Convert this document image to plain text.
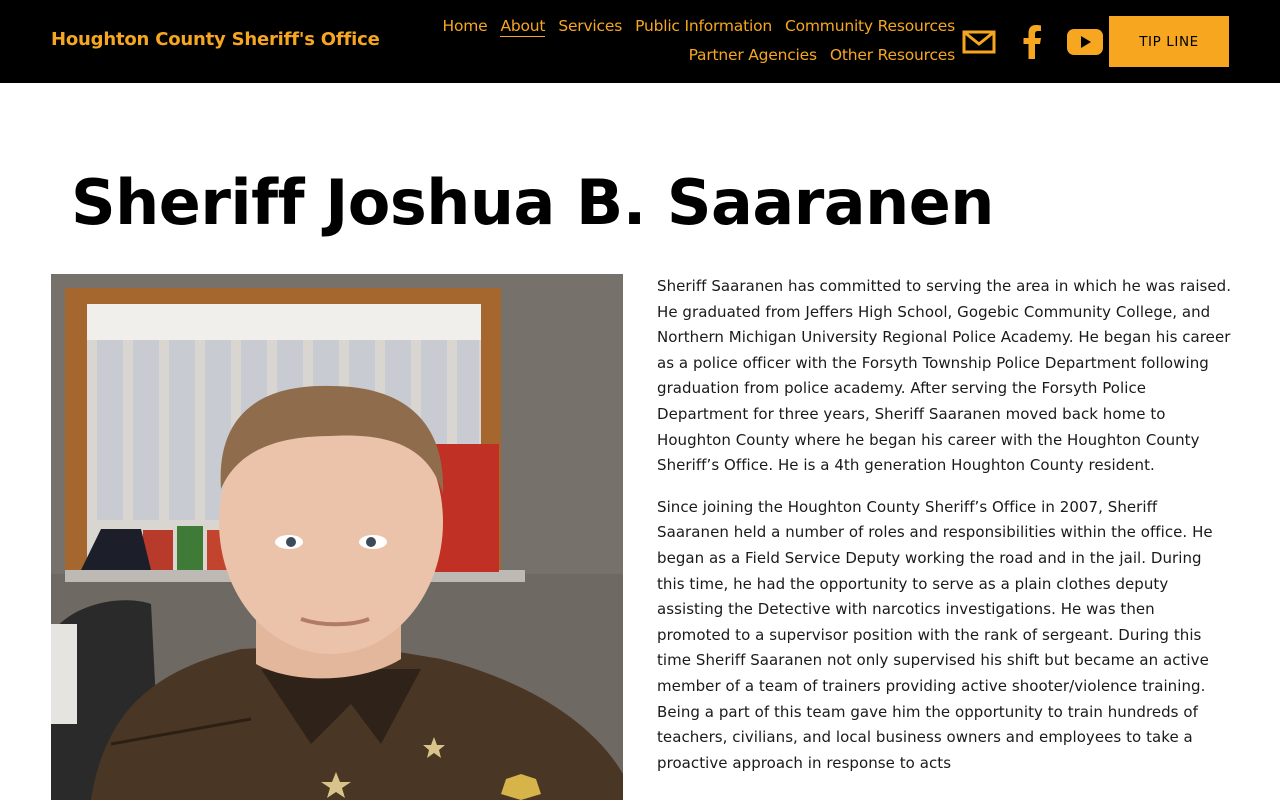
Houghton County Sheriff's Office
Home About Services Public Information Community Resources
Partner Agencies Other Resources
TIP LINE
Sheriff Joshua B. Saaranen

Sheriff Saaranen has committed to serving the area in which he was raised. He graduated from Jeffers High School, Gogebic Community College, and Northern Michigan University Regional Police Academy. He began his career as a police officer with the Forsyth Township Police Department following graduation from police academy. After serving the Forsyth Police Department for three years, Sheriff Saaranen moved back home to Houghton County where he began his career with the Houghton County Sheriff’s Office. He is a 4th generation Houghton County resident.

Since joining the Houghton County Sheriff’s Office in 2007, Sheriff Saaranen held a number of roles and responsibilities within the office. He began as a Field Service Deputy working the road and in the jail. During this time, he had the opportunity to serve as a plain clothes deputy assisting the Detective with narcotics investigations. He was then promoted to a supervisor position with the rank of sergeant. During this time Sheriff Saaranen not only supervised his shift but became an active member of a team of trainers providing active shooter/violence training. Being a part of this team gave him the opportunity to train hundreds of teachers, civilians, and local business owners and employees to take a proactive approach in response to acts
